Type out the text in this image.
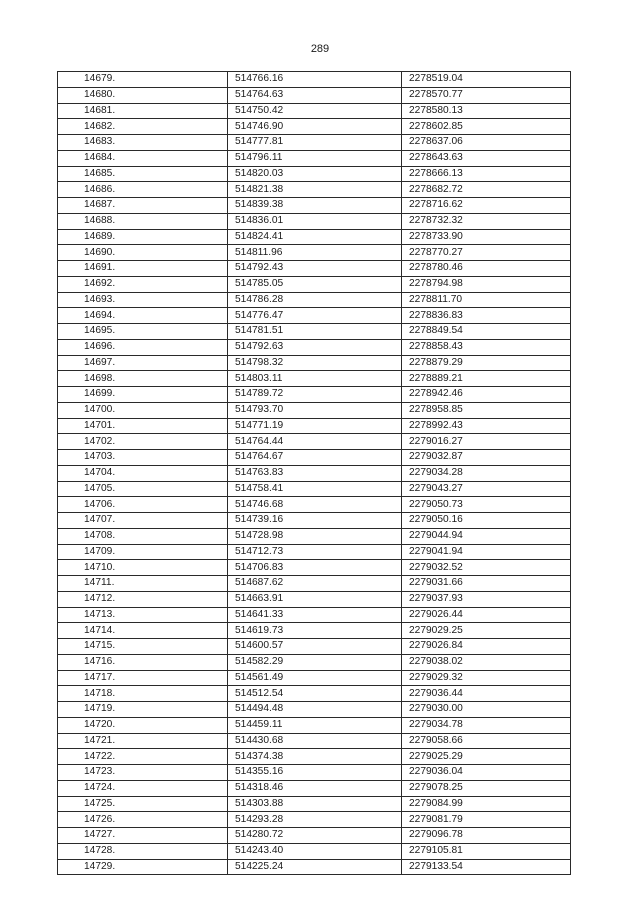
289
14679.	514766.16	2278519.04
14680.	514764.63	2278570.77
14681.	514750.42	2278580.13
14682.	514746.90	2278602.85
14683.	514777.81	2278637.06
14684.	514796.11	2278643.63
14685.	514820.03	2278666.13
14686.	514821.38	2278682.72
14687.	514839.38	2278716.62
14688.	514836.01	2278732.32
14689.	514824.41	2278733.90
14690.	514811.96	2278770.27
14691.	514792.43	2278780.46
14692.	514785.05	2278794.98
14693.	514786.28	2278811.70
14694.	514776.47	2278836.83
14695.	514781.51	2278849.54
14696.	514792.63	2278858.43
14697.	514798.32	2278879.29
14698.	514803.11	2278889.21
14699.	514789.72	2278942.46
14700.	514793.70	2278958.85
14701.	514771.19	2278992.43
14702.	514764.44	2279016.27
14703.	514764.67	2279032.87
14704.	514763.83	2279034.28
14705.	514758.41	2279043.27
14706.	514746.68	2279050.73
14707.	514739.16	2279050.16
14708.	514728.98	2279044.94
14709.	514712.73	2279041.94
14710.	514706.83	2279032.52
14711.	514687.62	2279031.66
14712.	514663.91	2279037.93
14713.	514641.33	2279026.44
14714.	514619.73	2279029.25
14715.	514600.57	2279026.84
14716.	514582.29	2279038.02
14717.	514561.49	2279029.32
14718.	514512.54	2279036.44
14719.	514494.48	2279030.00
14720.	514459.11	2279034.78
14721.	514430.68	2279058.66
14722.	514374.38	2279025.29
14723.	514355.16	2279036.04
14724.	514318.46	2279078.25
14725.	514303.88	2279084.99
14726.	514293.28	2279081.79
14727.	514280.72	2279096.78
14728.	514243.40	2279105.81
14729.	514225.24	2279133.54
